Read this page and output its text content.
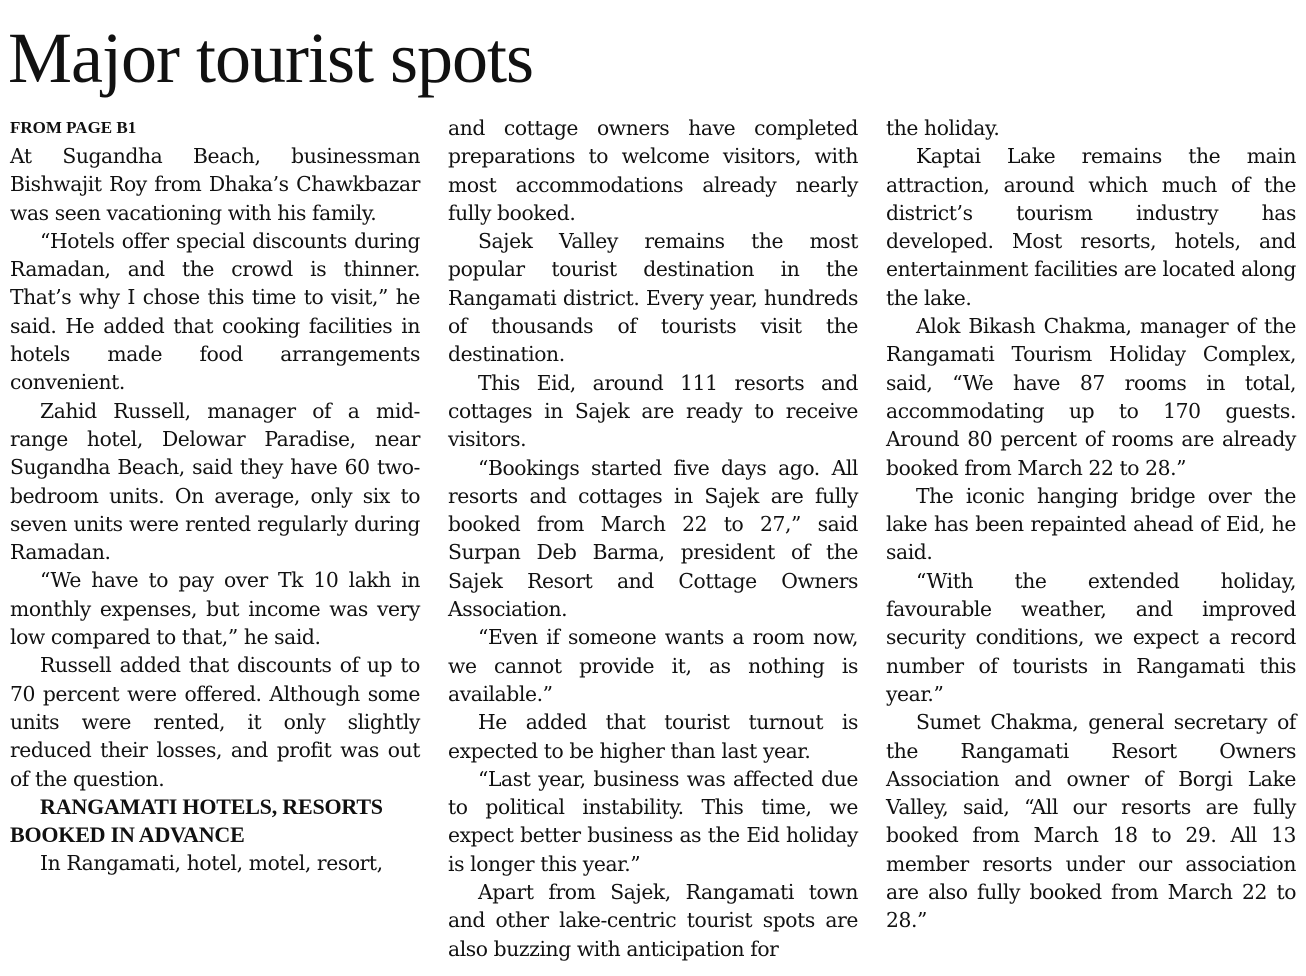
Major tourist spots
FROM PAGE B1

At Sugandha Beach, businessman Bishwajit Roy from Dhaka’s Chawkbazar was seen vacationing with his family.

“Hotels offer special discounts during Ramadan, and the crowd is thinner. That’s why I chose this time to visit,” he said. He added that cooking facilities in hotels made food arrangements convenient.

Zahid Russell, manager of a mid-range hotel, Delowar Paradise, near Sugandha Beach, said they have 60 two-bedroom units. On average, only six to seven units were rented regularly during Ramadan.

“We have to pay over Tk 10 lakh in monthly expenses, but income was very low compared to that,” he said.

Russell added that discounts of up to 70 percent were offered. Although some units were rented, it only slightly reduced their losses, and profit was out of the question.

RANGAMATI HOTELS, RESORTS BOOKED IN ADVANCE

In Rangamati, hotel, motel, resort,

and cottage owners have completed preparations to welcome visitors, with most accommodations already nearly fully booked.

Sajek Valley remains the most popular tourist destination in the Rangamati district. Every year, hundreds of thousands of tourists visit the destination.

This Eid, around 111 resorts and cottages in Sajek are ready to receive visitors.

“Bookings started five days ago. All resorts and cottages in Sajek are fully booked from March 22 to 27,” said Surpan Deb Barma, president of the Sajek Resort and Cottage Owners Association.

“Even if someone wants a room now, we cannot provide it, as nothing is available.”

He added that tourist turnout is expected to be higher than last year.

“Last year, business was affected due to political instability. This time, we expect better business as the Eid holiday is longer this year.”

Apart from Sajek, Rangamati town and other lake-centric tourist spots are also buzzing with anticipation for

the holiday.

Kaptai Lake remains the main attraction, around which much of the district’s tourism industry has developed. Most resorts, hotels, and entertainment facilities are located along the lake.

Alok Bikash Chakma, manager of the Rangamati Tourism Holiday Complex, said, “We have 87 rooms in total, accommodating up to 170 guests. Around 80 percent of rooms are already booked from March 22 to 28.”

The iconic hanging bridge over the lake has been repainted ahead of Eid, he said.

“With the extended holiday, favourable weather, and improved security conditions, we expect a record number of tourists in Rangamati this year.”

Sumet Chakma, general secretary of the Rangamati Resort Owners Association and owner of Borgi Lake Valley, said, “All our resorts are fully booked from March 18 to 29. All 13 member resorts under our association are also fully booked from March 22 to 28.”
